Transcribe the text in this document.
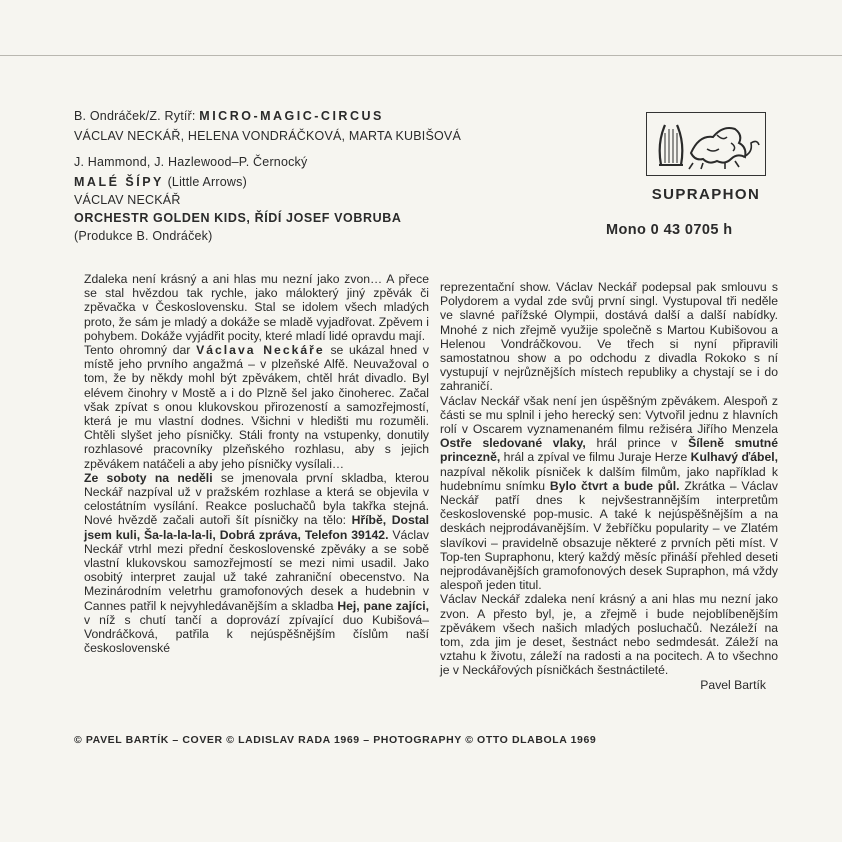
B. Ondráček/Z. Rytíř: MICRO-MAGIC-CIRCUS
VÁCLAV NECKÁŘ, HELENA VONDRÁČKOVÁ, MARTA KUBIŠOVÁ
J. Hammond, J. Hazlewood–P. Černocký
MALÉ ŠÍPY (Little Arrows)
VÁCLAV NECKÁŘ
ORCHESTR GOLDEN KIDS, ŘÍDÍ JOSEF VOBRUBA
(Produkce B. Ondráček)
SUPRAPHON
Mono 0 43 0705 h

Zdaleka není krásný a ani hlas mu nezní jako zvon… A přece se stal hvězdou tak rychle, jako málokterý jiný zpěvák či zpěvačka v Československu. Stal se idolem všech mladých proto, že sám je mladý a dokáže se mladě vyjadřovat. Zpěvem i pohybem. Dokáže vyjádřit pocity, které mladí lidé opravdu mají.

Tento ohromný dar Václava Neckáře se ukázal hned v místě jeho prvního angažmá – v plzeňské Alfě. Neuvažoval o tom, že by někdy mohl být zpěvákem, chtěl hrát divadlo. Byl elévem činohry v Mostě a i do Plzně šel jako činoherec. Začal však zpívat s onou klukovskou přirozeností a samozřejmostí, která je mu vlastní dodnes. Všichni v hledišti mu rozuměli. Chtěli slyšet jeho písničky. Stáli fronty na vstupenky, donutily rozhlasové pracovníky plzeňského rozhlasu, aby s jejich zpěvákem natáčeli a aby jeho písničky vysílali…

Ze soboty na neděli se jmenovala první skladba, kterou Neckář nazpíval už v pražském rozhlase a která se objevila v celostátním vysílání. Reakce posluchačů byla takřka stejná. Nové hvězdě začali autoři šít písničky na tělo: Hříbě, Dostal jsem kuli, Ša-la-la-la-li, Dobrá zpráva, Telefon 39142. Václav Neckář vtrhl mezi přední československé zpěváky a se sobě vlastní klukovskou samozřejmostí se mezi nimi usadil. Jako osobitý interpret zaujal už také zahraniční obecenstvo. Na Mezinárodním veletrhu gramofonových desek a hudebnin v Cannes patřil k nejvyhledávanějším a skladba Hej, pane zajíci, v níž s chutí tančí a doprovází zpívající duo Kubišová–Vondráčková, patřila k nejúspěšnějším číslům naší československé

reprezentační show. Václav Neckář podepsal pak smlouvu s Polydorem a vydal zde svůj první singl. Vystupoval tři neděle ve slavné pařížské Olympii, dostává další a další nabídky. Mnohé z nich zřejmě využije společně s Martou Kubišovou a Helenou Vondráčkovou. Ve třech si nyní připravili samostatnou show a po odchodu z divadla Rokoko s ní vystupují v nejrůznějších místech republiky a chystají se i do zahraničí.

Václav Neckář však není jen úspěšným zpěvákem. Alespoň z části se mu splnil i jeho herecký sen: Vytvořil jednu z hlavních rolí v Oscarem vyznamenaném filmu režiséra Jiřího Menzela Ostře sledované vlaky, hrál prince v Šíleně smutné princezně, hrál a zpíval ve filmu Juraje Herze Kulhavý ďábel, nazpíval několik písniček k dalším filmům, jako například k hudebnímu snímku Bylo čtvrt a bude půl. Zkrátka – Václav Neckář patří dnes k nejvšestrannějším interpretům československé pop-music. A také k nejúspěšnějším a na deskách nejprodávanějším. V žebříčku popularity – ve Zlatém slavíkovi – pravidelně obsazuje některé z prvních pěti míst. V Top-ten Supraphonu, který každý měsíc přináší přehled deseti nejprodávanějších gramofonových desek Supraphon, má vždy alespoň jeden titul.

Václav Neckář zdaleka není krásný a ani hlas mu nezní jako zvon. A přesto byl, je, a zřejmě i bude nejoblíbenějším zpěvákem všech našich mladých posluchačů. Nezáleží na tom, zda jim je deset, šestnáct nebo sedmdesát. Záleží na vztahu k životu, záleží na radosti a na pocitech. A to všechno je v Neckářových písničkách šestnáctileté.

Pavel Bartík
© PAVEL BARTÍK – COVER © LADISLAV RADA 1969 – PHOTOGRAPHY © OTTO DLABOLA 1969
